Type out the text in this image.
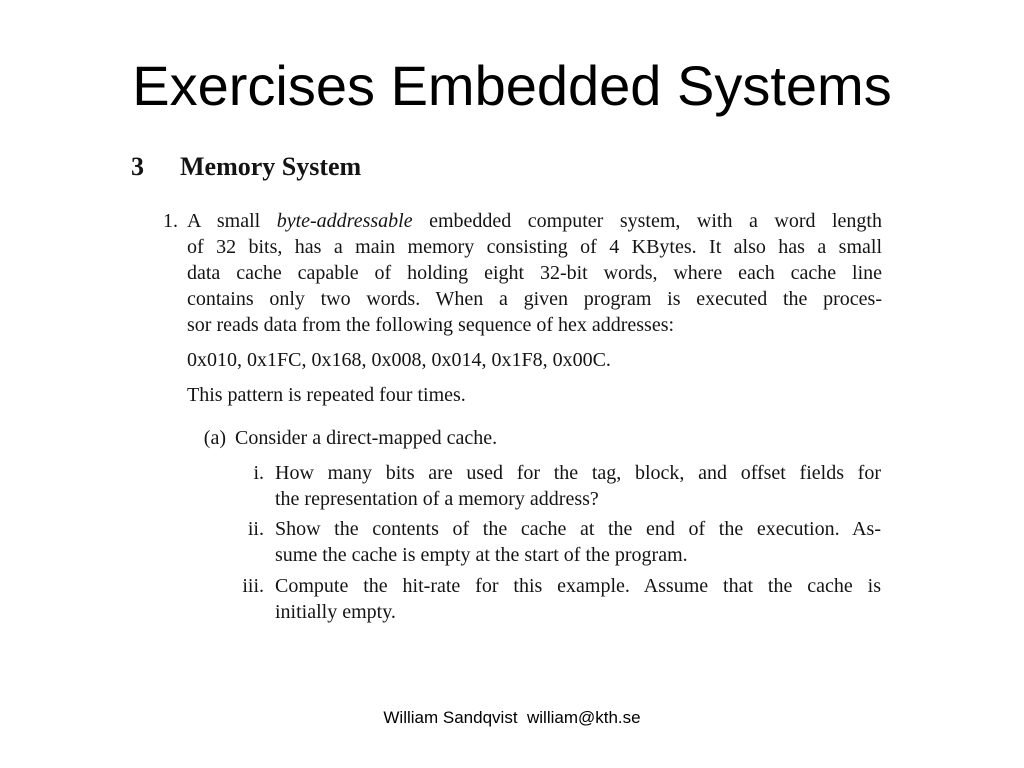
Exercises Embedded Systems
3 Memory System
1. A small byte-addressable embedded computer system, with a word length
of 32 bits, has a main memory consisting of 4 KBytes. It also has a small
data cache capable of holding eight 32-bit words, where each cache line
contains only two words. When a given program is executed the proces-
sor reads data from the following sequence of hex addresses:
0x010, 0x1FC, 0x168, 0x008, 0x014, 0x1F8, 0x00C.
This pattern is repeated four times.
(a) Consider a direct-mapped cache.
i. How many bits are used for the tag, block, and offset fields for
the representation of a memory address?
ii. Show the contents of the cache at the end of the execution. As-
sume the cache is empty at the start of the program.
iii. Compute the hit-rate for this example. Assume that the cache is
initially empty.
William Sandqvist  william@kth.se
